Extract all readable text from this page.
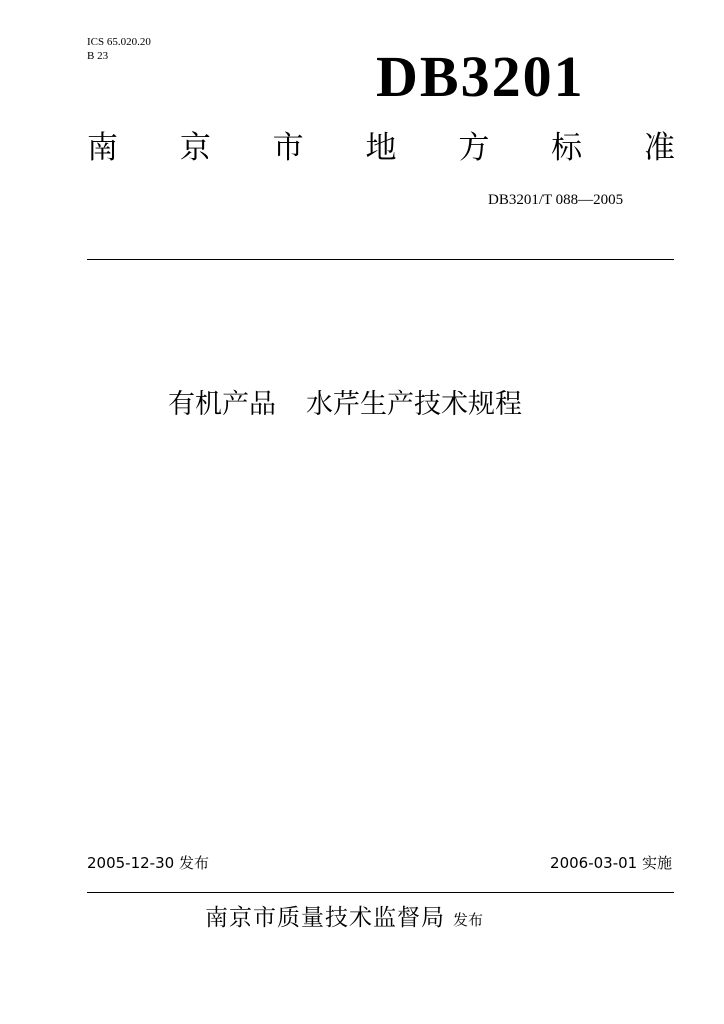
ICS 65.020.20
B 23	DB3201
南 京 市 地 方 标 准
DB3201/T 088—2005
有机产品 水芹生产技术规程
2005-12-30 发布	2006-03-01 实施
南京市质量技术监督局 发布
